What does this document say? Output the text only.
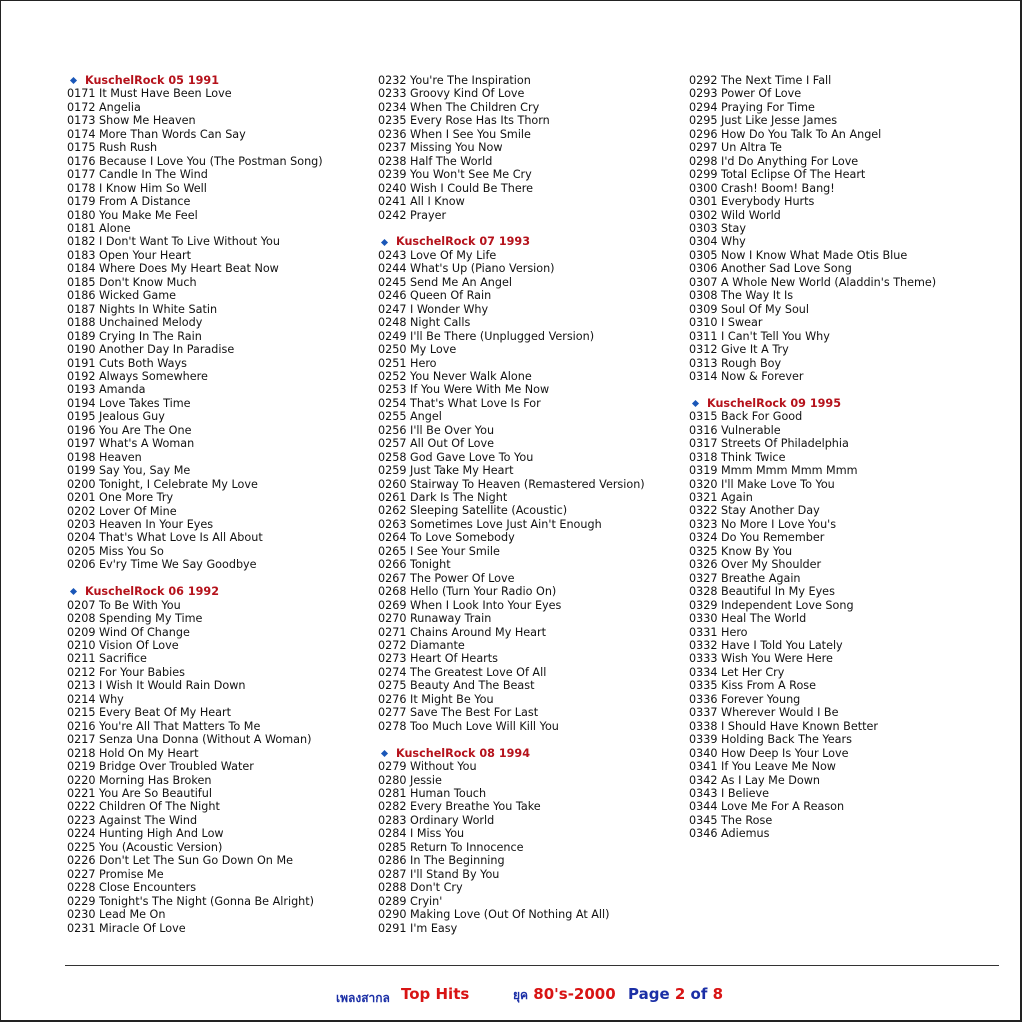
KuschelRock 05 1991
0171 It Must Have Been Love
0172 Angelia
0173 Show Me Heaven
0174 More Than Words Can Say
0175 Rush Rush
0176 Because I Love You (The Postman Song)
0177 Candle In The Wind
0178 I Know Him So Well
0179 From A Distance
0180 You Make Me Feel
0181 Alone
0182 I Don't Want To Live Without You
0183 Open Your Heart
0184 Where Does My Heart Beat Now
0185 Don't Know Much
0186 Wicked Game
0187 Nights In White Satin
0188 Unchained Melody
0189 Crying In The Rain
0190 Another Day In Paradise
0191 Cuts Both Ways
0192 Always Somewhere
0193 Amanda
0194 Love Takes Time
0195 Jealous Guy
0196 You Are The One
0197 What's A Woman
0198 Heaven
0199 Say You, Say Me
0200 Tonight, I Celebrate My Love
0201 One More Try
0202 Lover Of Mine
0203 Heaven In Your Eyes
0204 That's What Love Is All About
0205 Miss You So
0206 Ev'ry Time We Say Goodbye
KuschelRock 06 1992
0207 To Be With You
0208 Spending My Time
0209 Wind Of Change
0210 Vision Of Love
0211 Sacrifice
0212 For Your Babies
0213 I Wish It Would Rain Down
0214 Why
0215 Every Beat Of My Heart
0216 You're All That Matters To Me
0217 Senza Una Donna (Without A Woman)
0218 Hold On My Heart
0219 Bridge Over Troubled Water
0220 Morning Has Broken
0221 You Are So Beautiful
0222 Children Of The Night
0223 Against The Wind
0224 Hunting High And Low
0225 You (Acoustic Version)
0226 Don't Let The Sun Go Down On Me
0227 Promise Me
0228 Close Encounters
0229 Tonight's The Night (Gonna Be Alright)
0230 Lead Me On
0231 Miracle Of Love
0232 You're The Inspiration
0233 Groovy Kind Of Love
0234 When The Children Cry
0235 Every Rose Has Its Thorn
0236 When I See You Smile
0237 Missing You Now
0238 Half The World
0239 You Won't See Me Cry
0240 Wish I Could Be There
0241 All I Know
0242 Prayer
KuschelRock 07 1993
0243 Love Of My Life
0244 What's Up (Piano Version)
0245 Send Me An Angel
0246 Queen Of Rain
0247 I Wonder Why
0248 Night Calls
0249 I'll Be There (Unplugged Version)
0250 My Love
0251 Hero
0252 You Never Walk Alone
0253 If You Were With Me Now
0254 That's What Love Is For
0255 Angel
0256 I'll Be Over You
0257 All Out Of Love
0258 God Gave Love To You
0259 Just Take My Heart
0260 Stairway To Heaven (Remastered Version)
0261 Dark Is The Night
0262 Sleeping Satellite (Acoustic)
0263 Sometimes Love Just Ain't Enough
0264 To Love Somebody
0265 I See Your Smile
0266 Tonight
0267 The Power Of Love
0268 Hello (Turn Your Radio On)
0269 When I Look Into Your Eyes
0270 Runaway Train
0271 Chains Around My Heart
0272 Diamante
0273 Heart Of Hearts
0274 The Greatest Love Of All
0275 Beauty And The Beast
0276 It Might Be You
0277 Save The Best For Last
0278 Too Much Love Will Kill You
KuschelRock 08 1994
0279 Without You
0280 Jessie
0281 Human Touch
0282 Every Breathe You Take
0283 Ordinary World
0284 I Miss You
0285 Return To Innocence
0286 In The Beginning
0287 I'll Stand By You
0288 Don't Cry
0289 Cryin'
0290 Making Love (Out Of Nothing At All)
0291 I'm Easy
0292 The Next Time I Fall
0293 Power Of Love
0294 Praying For Time
0295 Just Like Jesse James
0296 How Do You Talk To An Angel
0297 Un Altra Te
0298 I'd Do Anything For Love
0299 Total Eclipse Of The Heart
0300 Crash! Boom! Bang!
0301 Everybody Hurts
0302 Wild World
0303 Stay
0304 Why
0305 Now I Know What Made Otis Blue
0306 Another Sad Love Song
0307 A Whole New World (Aladdin's Theme)
0308 The Way It Is
0309 Soul Of My Soul
0310 I Swear
0311 I Can't Tell You Why
0312 Give It A Try
0313 Rough Boy
0314 Now & Forever
KuschelRock 09 1995
0315 Back For Good
0316 Vulnerable
0317 Streets Of Philadelphia
0318 Think Twice
0319 Mmm Mmm Mmm Mmm
0320 I'll Make Love To You
0321 Again
0322 Stay Another Day
0323 No More I Love You's
0324 Do You Remember
0325 Know By You
0326 Over My Shoulder
0327 Breathe Again
0328 Beautiful In My Eyes
0329 Independent Love Song
0330 Heal The World
0331 Hero
0332 Have I Told You Lately
0333 Wish You Were Here
0334 Let Her Cry
0335 Kiss From A Rose
0336 Forever Young
0337 Wherever Would I Be
0338 I Should Have Known Better
0339 Holding Back The Years
0340 How Deep Is Your Love
0341 If You Leave Me Now
0342 As I Lay Me Down
0343 I Believe
0344 Love Me For A Reason
0345 The Rose
0346 Adiemus
เพลงสากล Top Hits	ยุค 80's-2000 Page 2 of 8
